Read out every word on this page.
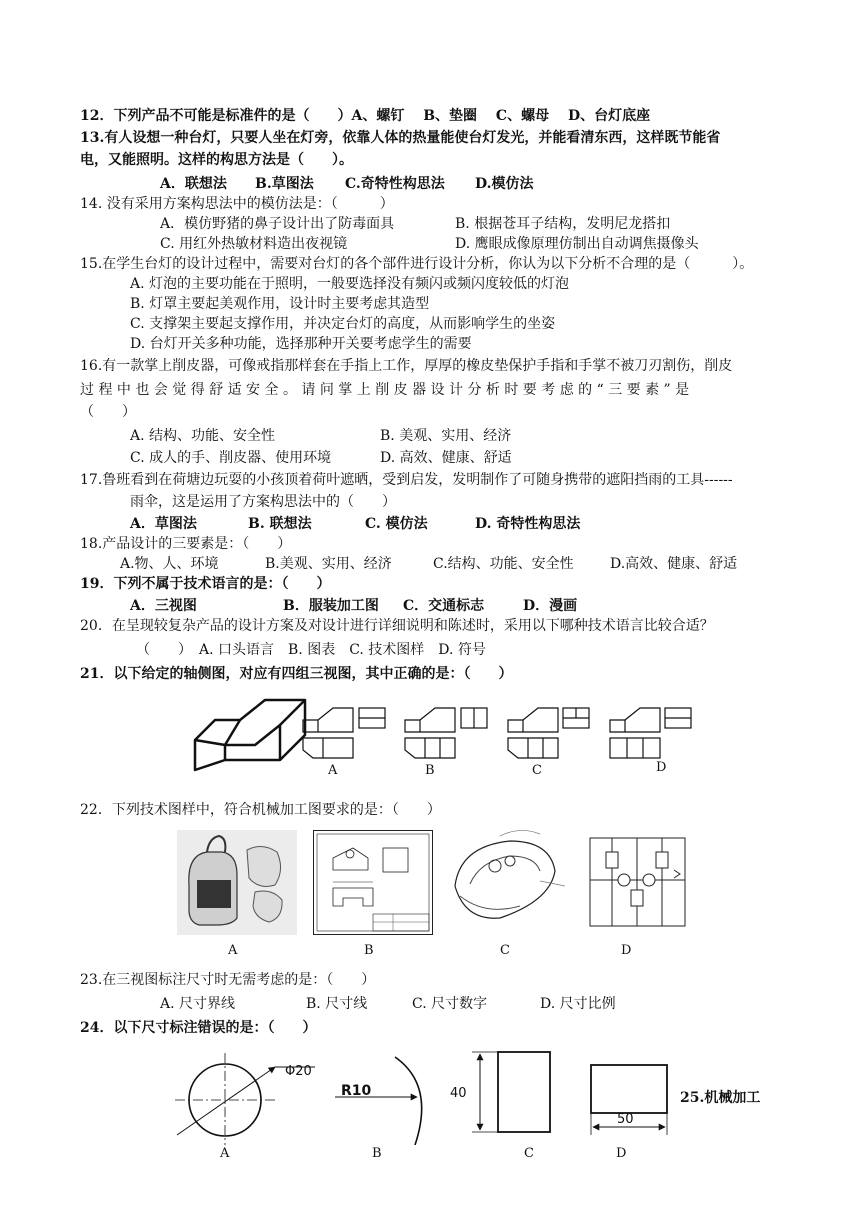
12．下列产品不可能是标准件的是（　　）A、螺钉　 B、垫圈　 C、螺母　 D、台灯底座
13.有人设想一种台灯，只要人坐在灯旁，依靠人体的热量能使台灯发光，并能看清东西，这样既节能省
电，又能照明。这样的构思方法是（　　）。
A．联想法 B.草图法 C.奇特性构思法 D.模仿法
14. 没有采用方案构思法中的模仿法是：（　　　）
A．模仿野猪的鼻子设计出了防毒面具	B. 根据苍耳子结构，发明尼龙搭扣
C. 用红外热敏材料造出夜视镜	D. 鹰眼成像原理仿制出自动调焦摄像头
15.在学生台灯的设计过程中，需要对台灯的各个部件进行设计分析，你认为以下分析不合理的是（　　　）。
A. 灯泡的主要功能在于照明，一般要选择没有频闪或频闪度较低的灯泡
B. 灯罩主要起美观作用，设计时主要考虑其造型
C. 支撑架主要起支撑作用，并决定台灯的高度，从而影响学生的坐姿
D. 台灯开关多种功能，选择那种开关要考虑学生的需要
16.有一款掌上削皮器，可像戒指那样套在手指上工作，厚厚的橡皮垫保护手指和手掌不被刀刃割伤，削皮
过 程 中 也 会 觉 得 舒 适 安 全 。 请 问 掌 上 削 皮 器 设 计 分 析 时 要 考 虑 的 “ 三 要 素 ” 是
（　　）
A. 结构、功能、安全性	B. 美观、实用、经济
C. 成人的手、削皮器、使用环境	D. 高效、健康、舒适
17.鲁班看到在荷塘边玩耍的小孩顶着荷叶遮晒，受到启发，发明制作了可随身携带的遮阳挡雨的工具------
雨伞，这是运用了方案构思法中的（　　）
A．草图法	B. 联想法	C. 模仿法	D. 奇特性构思法
18.产品设计的三要素是：（　　）
A.物、人、环境	B.美观、实用、经济	C.结构、功能、安全性	D.高效、健康、舒适
19．下列不属于技术语言的是：（　　）
A．三视图	B．服装加工图 C．交通标志	D．漫画
20．在呈现较复杂产品的设计方案及对设计进行详细说明和陈述时，采用以下哪种技术语言比较合适？
（　　）　A. 口头语言　B. 图表　C. 技术图样　D. 符号
21．以下给定的轴侧图，对应有四组三视图，其中正确的是：（　　）
A	B	C	D
22．下列技术图样中，符合机械加工图要求的是：（　　）
A	B	C	D
23.在三视图标注尺寸时无需考虑的是：（　　）
A. 尺寸界线	B. 尺寸线	C. 尺寸数字	D. 尺寸比例
24．以下尺寸标注错误的是：（　　）
Φ20
R10	40
50
A	B	C	D
25.机械加工
